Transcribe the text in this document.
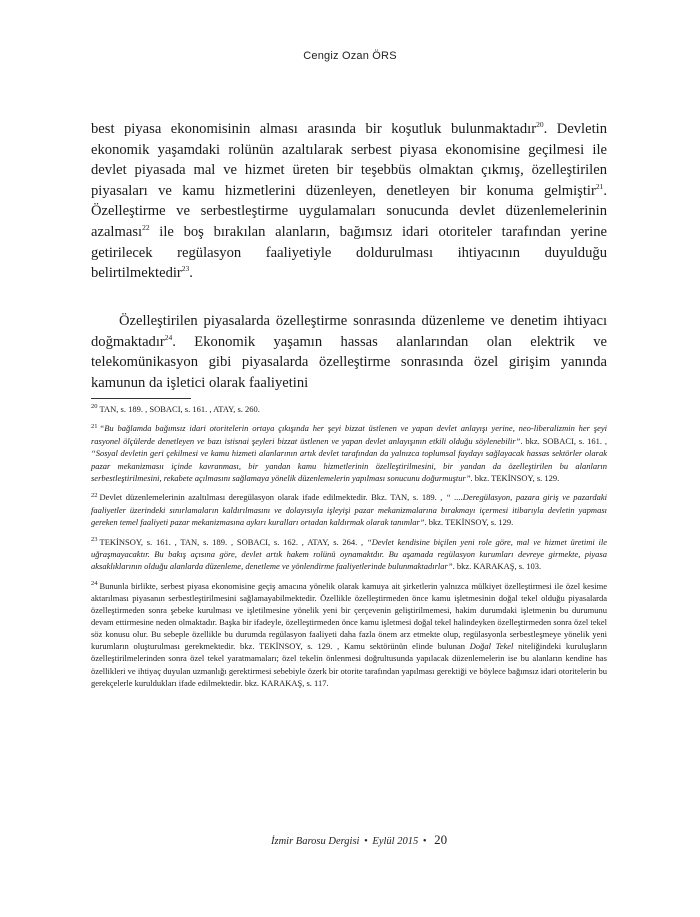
Cengiz Ozan ÖRS

best piyasa ekonomisinin alması arasında bir koşutluk bulunmaktadır$^{20}$. Devletin ekonomik yaşamdaki rolünün azaltılarak serbest piyasa ekonomisine geçilmesi ile devlet piyasada mal ve hizmet üreten bir teşebbüs olmaktan çıkmış, özelleştirilen piyasaları ve kamu hizmetlerini düzenleyen, denetleyen bir konuma gelmiştir$^{21}$. Özelleştirme ve serbestleştirme uygulamaları sonucunda devlet düzenlemelerinin azalması$^{22}$ ile boş bırakılan alanların, bağımsız idari otoriteler tarafından yerine getirilecek regülasyon faaliyetiyle doldurulması ihtiyacının duyulduğu belirtilmektedir$^{23}$.

Özelleştirilen piyasalarda özelleştirme sonrasında düzenleme ve denetim ihtiyacı doğmaktadır$^{24}$. Ekonomik yaşamın hassas alanlarından olan elektrik ve telekomünikasyon gibi piyasalarda özelleştirme sonrasında özel girişim yanında kamunun da işletici olarak faaliyetini

$^{20}$ TAN, s. 189. , SOBACI, s. 161. , ATAY, s. 260.
$^{21}$ “Bu bağlamda bağımsız idari otoritelerin ortaya çıkışında her şeyi bizzat üstlenen ve yapan devlet anlayışı yerine, neo-liberalizmin her şeyi rasyonel ölçülerde denetleyen ve bazı istisnai şeyleri bizzat üstlenen ve yapan devlet anlayışının etkili olduğu söylenebilir”. bkz. SOBACI, s. 161. , “Sosyal devletin geri çekilmesi ve kamu hizmeti alanlarının artık devlet tarafından da yalnızca toplumsal faydayı sağlayacak hassas sektörler olarak pazar mekanizmasıı içinde kavranması, bir yandan kamu hizmetlerinin özelleştirilmesini, bir yandan da özelleştirilen bu alanların serbestleştirilmesini, rekabete açılmasını sağlamaya yönelik düzenlemelerin yapılması sonucunu doğurmuştur”. bkz. TEKİNSOY, s. 129.
$^{22}$ Devlet düzenlemelerinin azaltılması deregülasyon olarak ifade edilmektedir. Bkz. TAN, s. 189. , “ ....Deregülasyon, pazara giriş ve pazardaki faaliyetler üzerindeki sınırlamaların kaldırılmasını ve dolayısıyla işleyişi pazar mekanizmalarına bırakmayı içermesi itibarıyla devletin yapması gereken temel faaliyeti pazar mekanizmasına aykırı kuralları ortadan kaldırmak olarak tanımlar”. bkz. TEKİNSOY, s. 129.
$^{23}$ TEKİNSOY, s. 161. , TAN, s. 189. , SOBACI, s. 162. , ATAY, s. 264. , “Devlet kendisine biçilen yeni role göre, mal ve hizmet üretimi ile uğraşmayacaktır. Bu bakış açısına göre, devlet artık hakem rolünü oynamaktdır. Bu aşamada regülasyon kurumları devreye girmekte, piyasa aksaklıklarının olduğu alanlarda düzenleme, denetleme ve yönlendirme faaliyetlerinde bulunmaktadırlar”. bkz. KARAKAŞ, s. 103.
$^{24}$ Bununla birlikte, serbest piyasa ekonomisine geçiş amacına yönelik olarak kamuya ait şirketlerin yalnızca mülkiyet özelleştirmesi ile özel kesime aktarılması piyasanın serbestleştirilmesini sağlamayabilmektedir. Özellikle özelleştirmeden önce kamu işletmesinin doğal tekel olduğu piyasalarda özelleştirmeden sonra şebeke kurulması ve işletilmesine yönelik yeni bir çerçevenin geliştirilmemesi, hakim durumdaki işletmenin bu durumunu devam ettirmesine neden olmaktadır. Başka bir ifadeyle, özelleştirmeden önce kamu işletmesi doğal tekel halindeyken özelleştirmeden sonra özel tekel söz konusu olur. Bu sebeple özellikle bu durumda regülasyon faaliyeti daha fazla önem arz etmekte olup, regülasyonla serbestleşmeye yönelik yeni kurumların oluşturulması gerekmektedir. bkz. TEKİNSOY, s. 129. , Kamu sektörünün elinde bulunan Doğal Tekel niteliğindeki kuruluşların özelleştirilmelerinden sonra özel tekel yaratmamaları; özel tekelin önlenmesi doğrultusunda yapılacak düzenlemelerin ise bu alanların kendine has özellikleri ve ihtiyaç duyulan uzmanlığı gerektirmesi sebebiyle özerk bir otorite tarafından yapılması gerektiği ve böylece bağımsız idari otoritelerin bu gerekçelerle kuruldukları ifade edilmektedir. bkz. KARAKAŞ, s. 117.
İzmir Barosu Dergisi • Eylül 2015 • 20
